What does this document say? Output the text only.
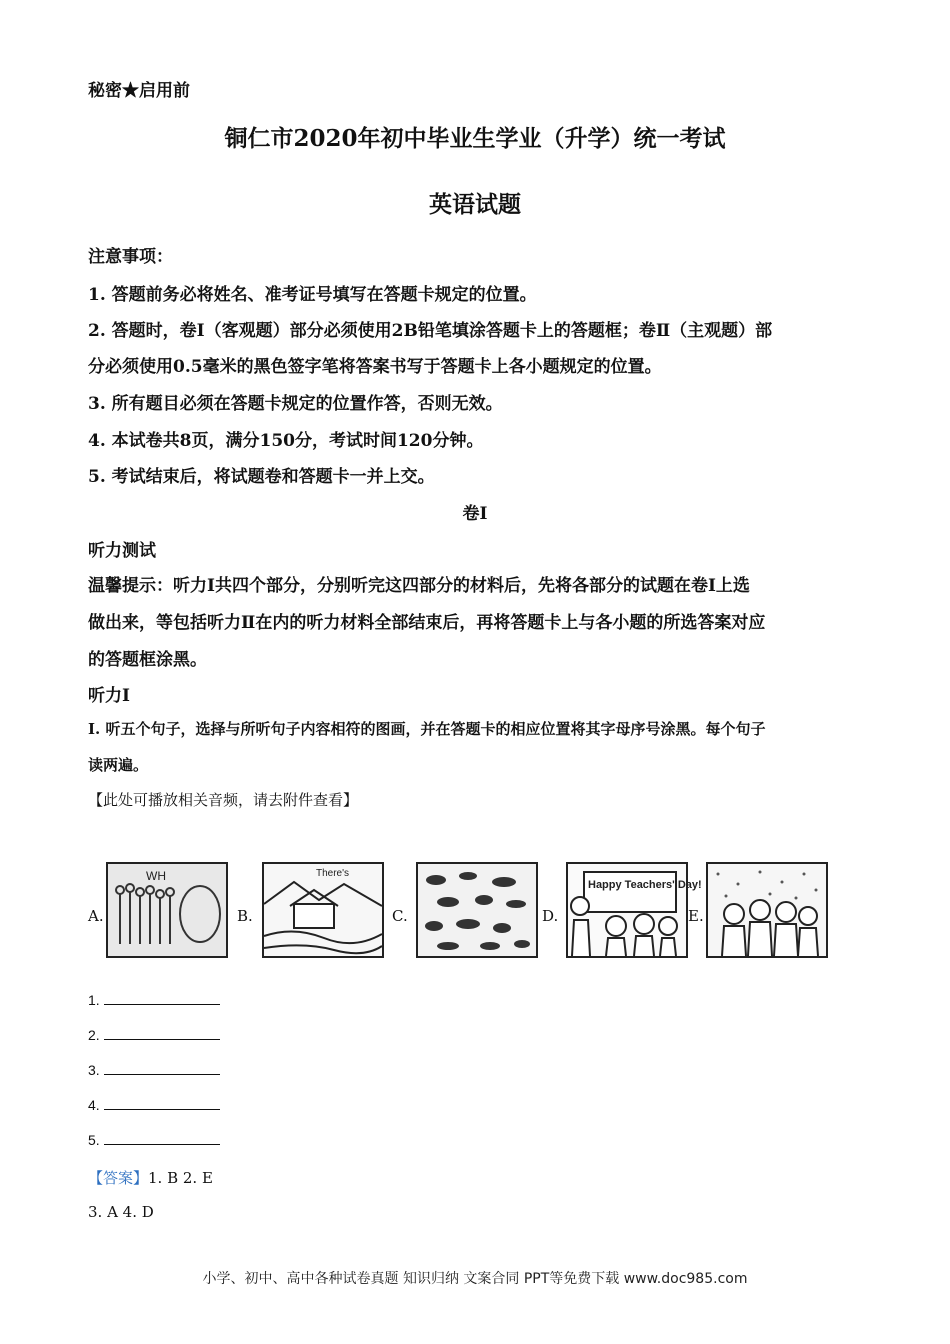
秘密★启用前
铜仁市2020年初中毕业生学业（升学）统一考试
英语试题
注意事项：
1. 答题前务必将姓名、准考证号填写在答题卡规定的位置。
2. 答题时，卷Ⅰ（客观题）部分必须使用2B铅笔填涂答题卡上的答题框；卷Ⅱ（主观题）部
分必须使用0.5毫米的黑色签字笔将答案书写于答题卡上各小题规定的位置。
3. 所有题目必须在答题卡规定的位置作答，否则无效。
4. 本试卷共8页，满分150分，考试时间120分钟。
5. 考试结束后，将试题卷和答题卡一并上交。
卷Ⅰ
听力测试
温馨提示：听力Ⅰ共四个部分，分别听完这四部分的材料后，先将各部分的试题在卷Ⅰ上选
做出来，等包括听力Ⅱ在内的听力材料全部结束后，再将答题卡上与各小题的所选答案对应
的答题框涂黑。
听力Ⅰ
Ⅰ. 听五个句子，选择与所听句子内容相符的图画，并在答题卡的相应位置将其字母序号涂黑。每个句子
读两遍。
【此处可播放相关音频，请去附件查看】
A.
WH
B.
There's
C.	D.
Happy Teachers' Day!
E.
1.
2.
3.
4.
5.
【答案】1. B 2. E
3. A 4. D
小学、初中、高中各种试卷真题 知识归纳 文案合同 PPT等免费下载 www.doc985.com
